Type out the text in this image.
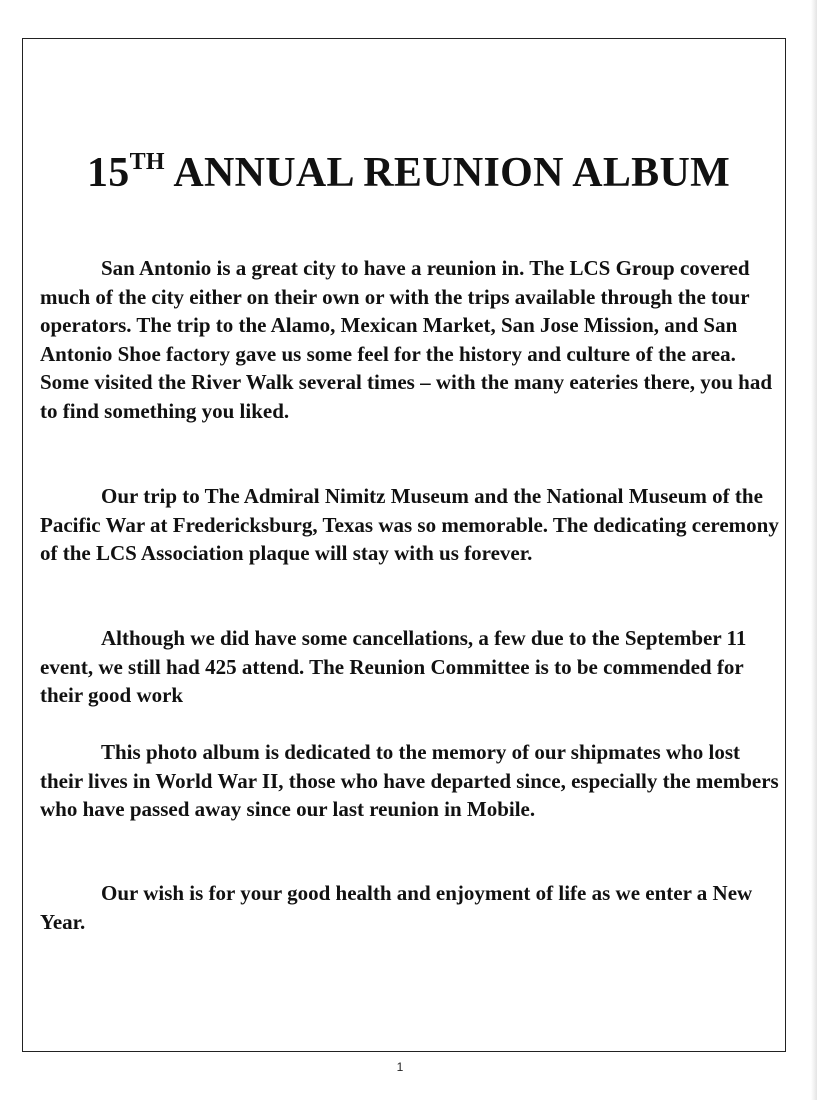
15TH ANNUAL REUNION ALBUM

San Antonio is a great city to have a reunion in. The LCS Group covered much of the city either on their own or with the trips available through the tour operators. The trip to the Alamo, Mexican Market, San Jose Mission, and San Antonio Shoe factory gave us some feel for the history and culture of the area. Some visited the River Walk several times – with the many eateries there, you had to find something you liked.

Our trip to The Admiral Nimitz Museum and the National Museum of the Pacific War at Fredericksburg, Texas was so memorable. The dedicating ceremony of the LCS Association plaque will stay with us forever.

Although we did have some cancellations, a few due to the September 11 event, we still had 425 attend. The Reunion Committee is to be commended for their good work

This photo album is dedicated to the memory of our shipmates who lost their lives in World War II, those who have departed since, especially the members who have passed away since our last reunion in Mobile.

Our wish is for your good health and enjoyment of life as we enter a New Year.

1
